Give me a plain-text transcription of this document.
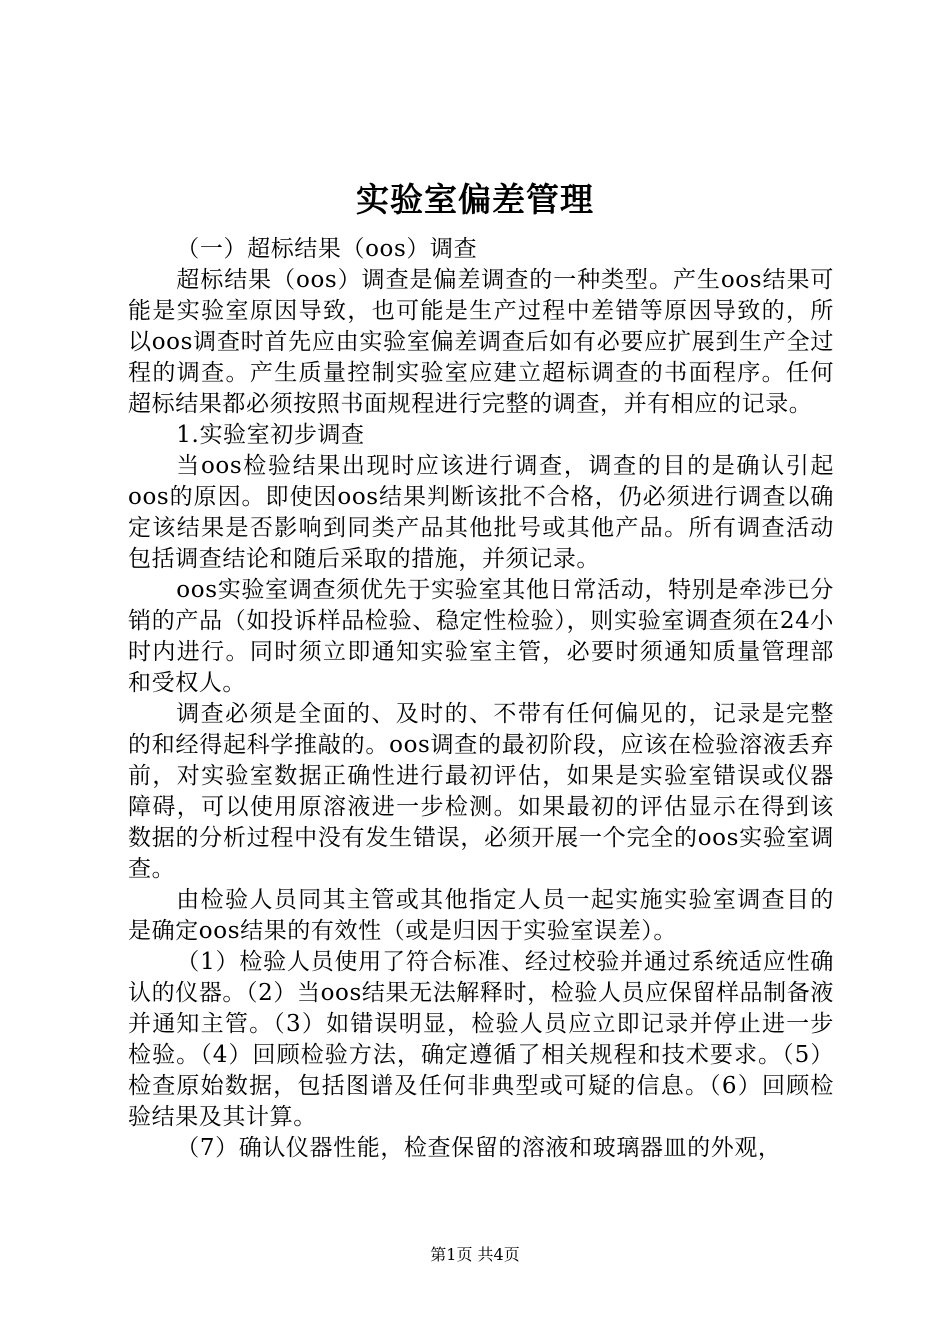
实验室偏差管理

（一）超标结果（oos）调查

超标结果（oos）调查是偏差调查的一种类型。产生oos结果可能是实验室原因导致，也可能是生产过程中差错等原因导致的，所以oos调查时首先应由实验室偏差调查后如有必要应扩展到生产全过程的调查。产生质量控制实验室应建立超标调查的书面程序。任何超标结果都必须按照书面规程进行完整的调查，并有相应的记录。

1.实验室初步调查

当oos检验结果出现时应该进行调查，调查的目的是确认引起oos的原因。即使因oos结果判断该批不合格，仍必须进行调查以确定该结果是否影响到同类产品其他批号或其他产品。所有调查活动包括调查结论和随后采取的措施，并须记录。

oos实验室调查须优先于实验室其他日常活动，特别是牵涉已分销的产品（如投诉样品检验、稳定性检验），则实验室调查须在24小时内进行。同时须立即通知实验室主管，必要时须通知质量管理部和受权人。

调查必须是全面的、及时的、不带有任何偏见的，记录是完整的和经得起科学推敲的。oos调查的最初阶段，应该在检验溶液丢弃前，对实验室数据正确性进行最初评估，如果是实验室错误或仪器障碍，可以使用原溶液进一步检测。如果最初的评估显示在得到该数据的分析过程中没有发生错误，必须开展一个完全的oos实验室调查。

由检验人员同其主管或其他指定人员一起实施实验室调查目的是确定oos结果的有效性（或是归因于实验室误差）。

（1）检验人员使用了符合标准、经过校验并通过系统适应性确认的仪器。（2）当oos结果无法解释时，检验人员应保留样品制备液并通知主管。（3）如错误明显，检验人员应立即记录并停止进一步检验。（4）回顾检验方法，确定遵循了相关规程和技术要求。（5）检查原始数据，包括图谱及任何非典型或可疑的信息。（6）回顾检验结果及其计算。

（7）确认仪器性能，检查保留的溶液和玻璃器皿的外观，

第1页 共4页
